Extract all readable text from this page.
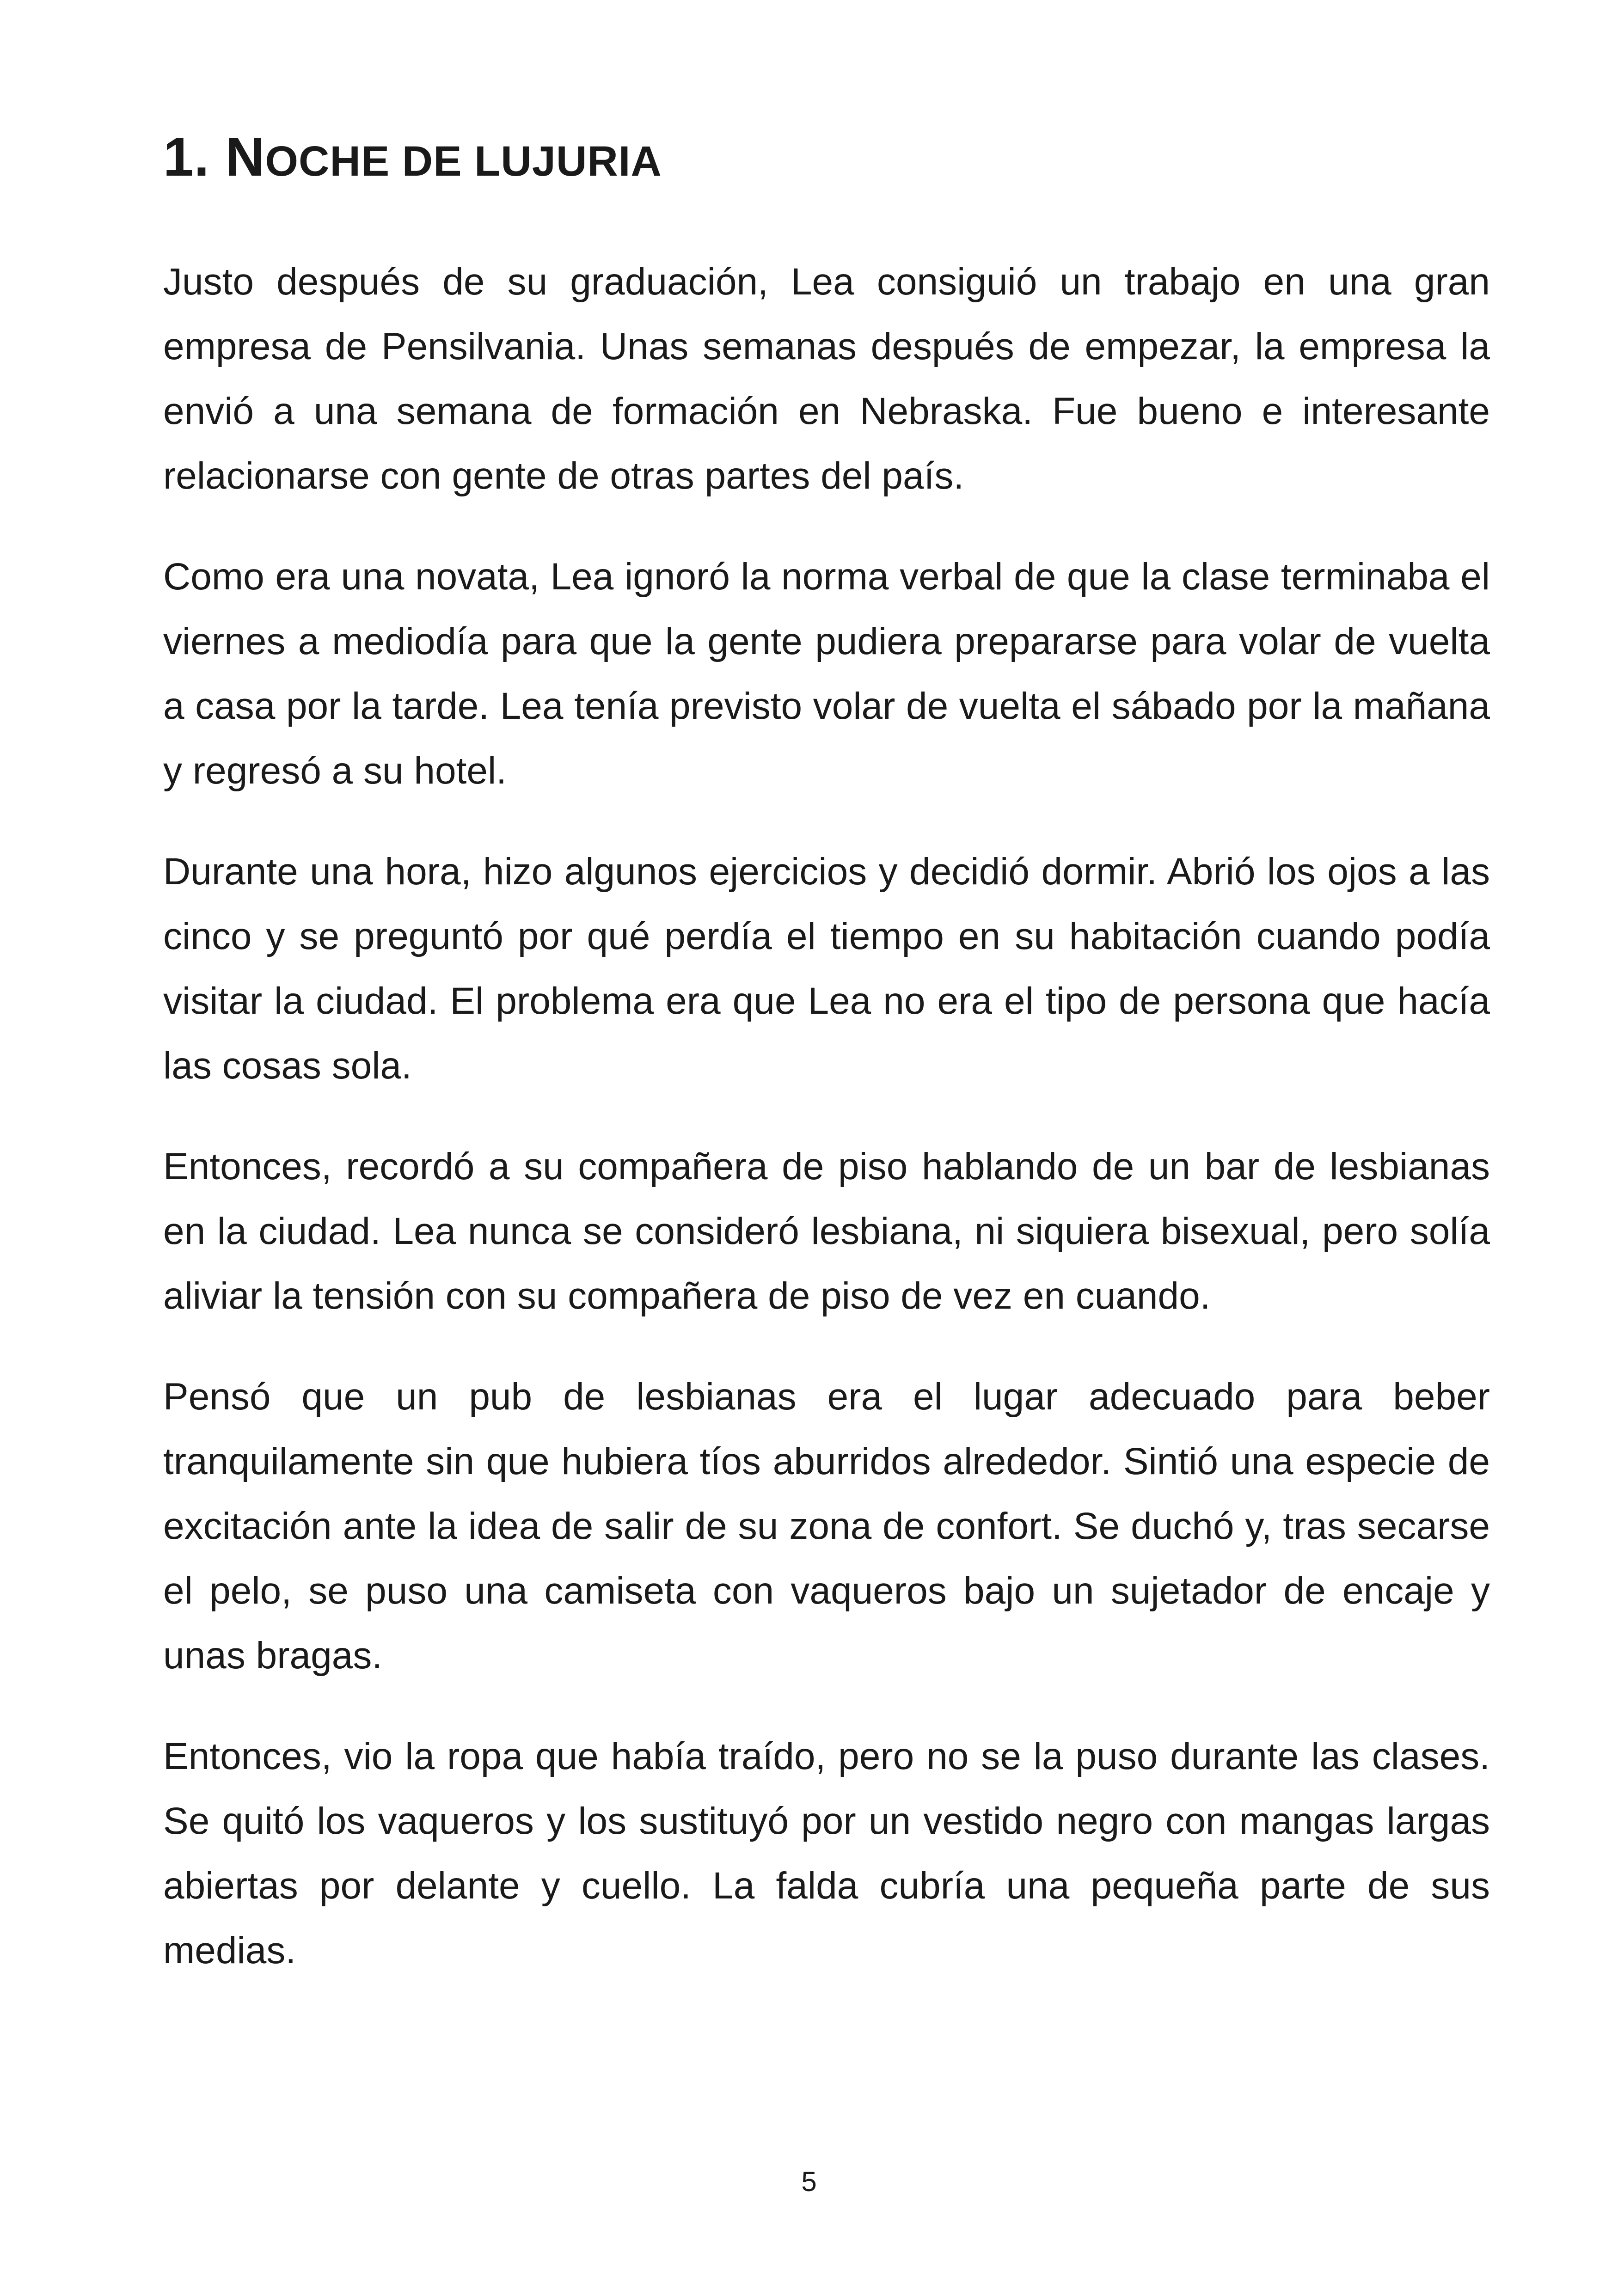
1. NOCHE DE LUJURIA

Justo después de su graduación, Lea consiguió un trabajo en una gran empresa de Pensilvania. Unas semanas después de empezar, la empresa la envió a una semana de formación en Nebraska. Fue bueno e interesante relacionarse con gente de otras partes del país.

Como era una novata, Lea ignoró la norma verbal de que la clase terminaba el viernes a mediodía para que la gente pudiera prepararse para volar de vuelta a casa por la tarde. Lea tenía previsto volar de vuelta el sábado por la mañana y regresó a su hotel.

Durante una hora, hizo algunos ejercicios y decidió dormir. Abrió los ojos a las cinco y se preguntó por qué perdía el tiempo en su habitación cuando podía visitar la ciudad. El problema era que Lea no era el tipo de persona que hacía las cosas sola.

Entonces, recordó a su compañera de piso hablando de un bar de lesbianas en la ciudad. Lea nunca se consideró lesbiana, ni siquiera bisexual, pero solía aliviar la tensión con su compañera de piso de vez en cuando.

Pensó que un pub de lesbianas era el lugar adecuado para beber tranquilamente sin que hubiera tíos aburridos alrededor. Sintió una especie de excitación ante la idea de salir de su zona de confort. Se duchó y, tras secarse el pelo, se puso una camiseta con vaqueros bajo un sujetador de encaje y unas bragas.

Entonces, vio la ropa que había traído, pero no se la puso durante las clases. Se quitó los vaqueros y los sustituyó por un vestido negro con mangas largas abiertas por delante y cuello. La falda cubría una pequeña parte de sus medias.

5
